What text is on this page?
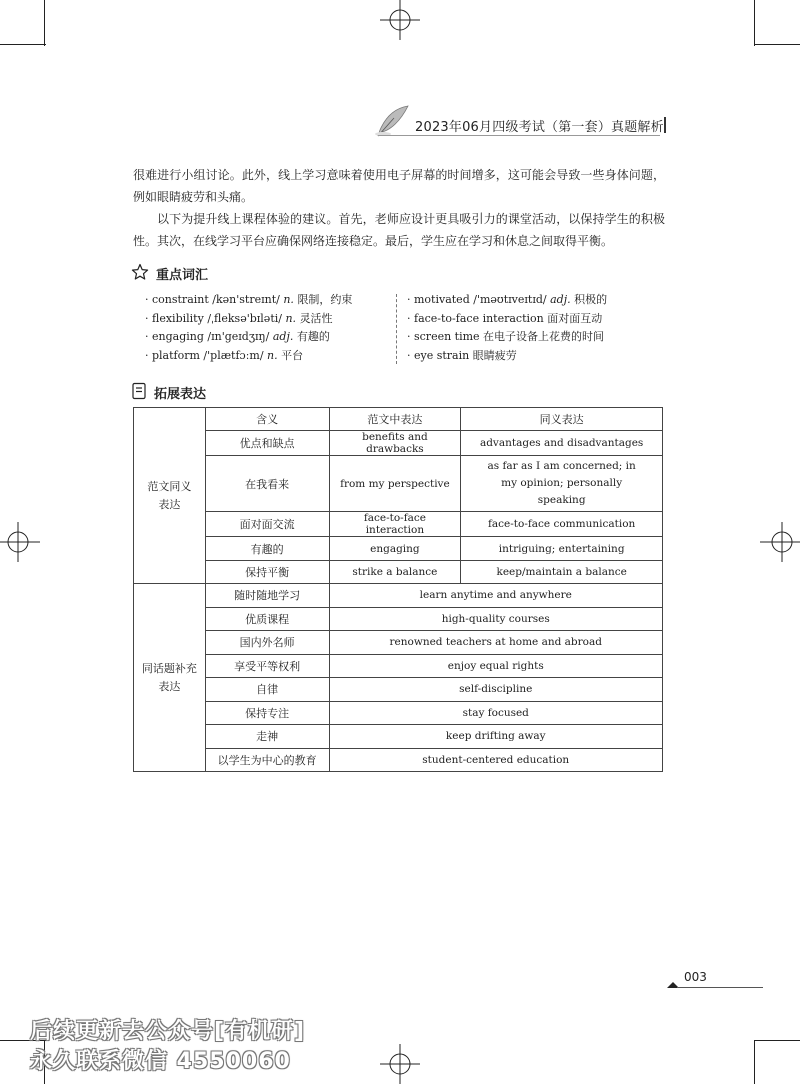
2023年06月四级考试（第一套）真题解析
很难进行小组讨论。此外，线上学习意味着使用电子屏幕的时间增多，这可能会导致一些身体问题，例如眼睛疲劳和头痛。
以下为提升线上课程体验的建议。首先，老师应设计更具吸引力的课堂活动，以保持学生的积极性。其次，在线学习平台应确保网络连接稳定。最后，学生应在学习和休息之间取得平衡。
重点词汇
· constraint /kən'streɪnt/ n. 限制，约束
· flexibility /ˌfleksə'bɪləti/ n. 灵活性
· engaging /ɪn'geɪdʒɪŋ/ adj. 有趣的
· platform /'plætfɔːm/ n. 平台
· motivated /'məʊtɪveɪtɪd/ adj. 积极的
· face-to-face interaction 面对面互动
· screen time 在电子设备上花费的时间
· eye strain 眼睛疲劳
拓展表达
范文同义
表达	含义	范文中表达	同义表达
	优点和缺点	benefits and drawbacks	advantages and disadvantages
	在我看来	from my perspective	as far as I am concerned; in my opinion; personally speaking
	面对面交流	face-to-face interaction	face-to-face communication
	有趣的	engaging	intriguing; entertaining
	保持平衡	strike a balance	keep/maintain a balance

同话题补充
表达	随时随地学习	learn anytime and anywhere	
	优质课程	high-quality courses	
	国内外名师	renowned teachers at home and abroad	
	享受平等权利	enjoy equal rights	
	自律	self-discipline	
	保持专注	stay focused	
	走神	keep drifting away	
	以学生为中心的教育	student-centered education	
003
后续更新去公众号[有机研]
永久联系微信 4550060
